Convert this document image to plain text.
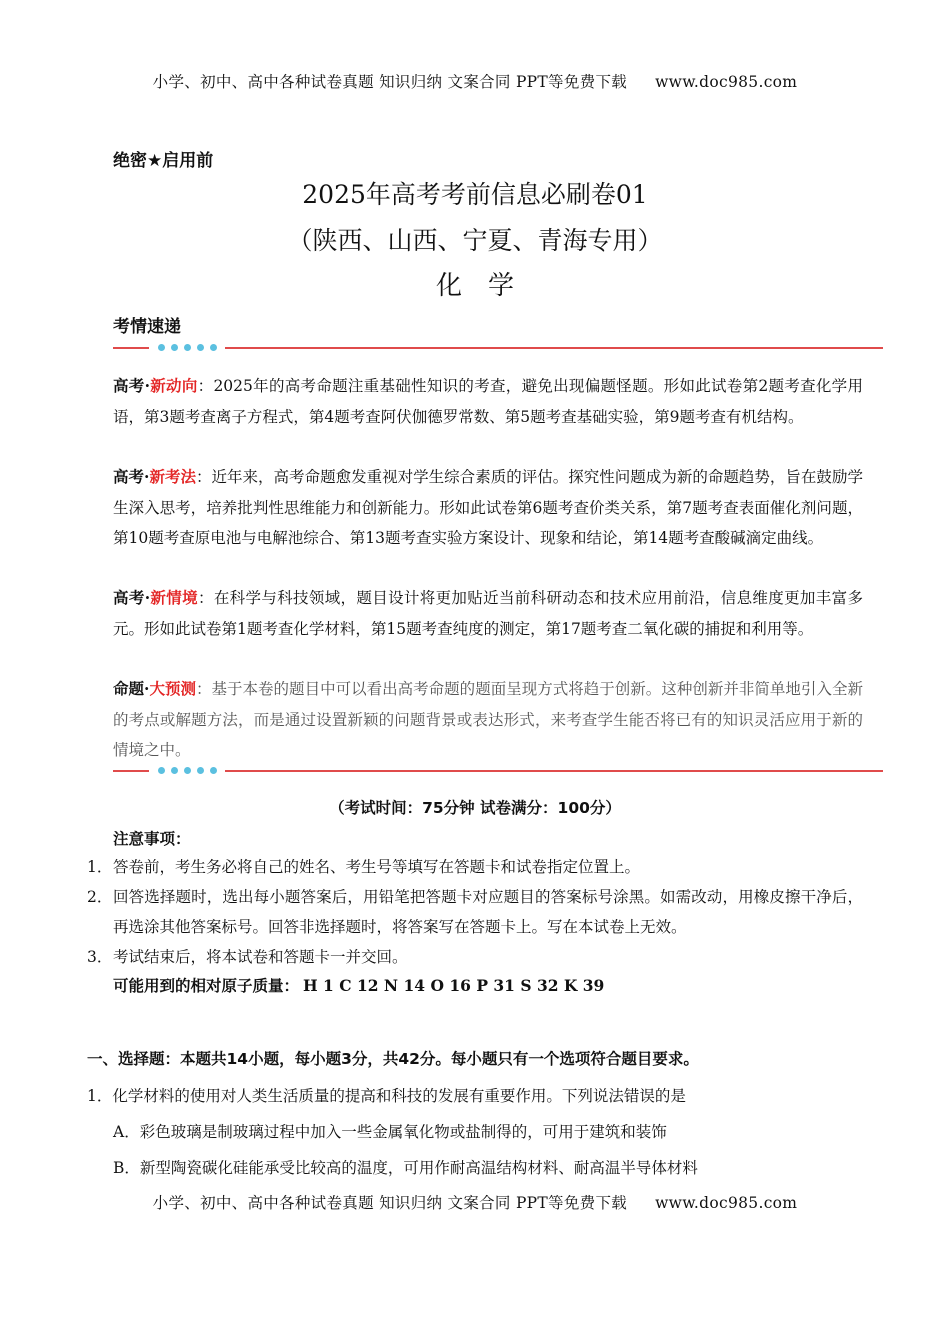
小学、初中、高中各种试卷真题 知识归纳 文案合同 PPT等免费下载 www.doc985.com
绝密★启用前
2025年高考考前信息必刷卷01
（陕西、山西、宁夏、青海专用）
化学
考情速递
高考·新动向：2025年的高考命题注重基础性知识的考查，避免出现偏题怪题。形如此试卷第2题考查化学用语，第3题考查离子方程式，第4题考查阿伏伽德罗常数、第5题考查基础实验，第9题考查有机结构。
高考·新考法：近年来，高考命题愈发重视对学生综合素质的评估。探究性问题成为新的命题趋势，旨在鼓励学生深入思考，培养批判性思维能力和创新能力。形如此试卷第6题考查价类关系，第7题考查表面催化剂问题，第10题考查原电池与电解池综合、第13题考查实验方案设计、现象和结论，第14题考查酸碱滴定曲线。
高考·新情境：在科学与科技领域，题目设计将更加贴近当前科研动态和技术应用前沿，信息维度更加丰富多元。形如此试卷第1题考查化学材料，第15题考查纯度的测定，第17题考查二氧化碳的捕捉和利用等。
命题·大预测：基于本卷的题目中可以看出高考命题的题面呈现方式将趋于创新。这种创新并非简单地引入全新的考点或解题方法，而是通过设置新颖的问题背景或表达形式，来考查学生能否将已有的知识灵活应用于新的情境之中。
（考试时间：75分钟 试卷满分：100分）
注意事项：
1． 答卷前，考生务必将自己的姓名、考生号等填写在答题卡和试卷指定位置上。
2． 回答选择题时，选出每小题答案后，用铅笔把答题卡对应题目的答案标号涂黑。如需改动，用橡皮擦干净后，再选涂其他答案标号。回答非选择题时，将答案写在答题卡上。写在本试卷上无效。
3． 考试结束后，将本试卷和答题卡一并交回。
可能用到的相对原子质量： H 1 C 12 N 14 O 16 P 31 S 32 K 39
一、选择题：本题共14小题，每小题3分，共42分。每小题只有一个选项符合题目要求。
1．化学材料的使用对人类生活质量的提高和科技的发展有重要作用。下列说法错误的是
A．彩色玻璃是制玻璃过程中加入一些金属氧化物或盐制得的，可用于建筑和装饰
B．新型陶瓷碳化硅能承受比较高的温度，可用作耐高温结构材料、耐高温半导体材料
小学、初中、高中各种试卷真题 知识归纳 文案合同 PPT等免费下载 www.doc985.com
